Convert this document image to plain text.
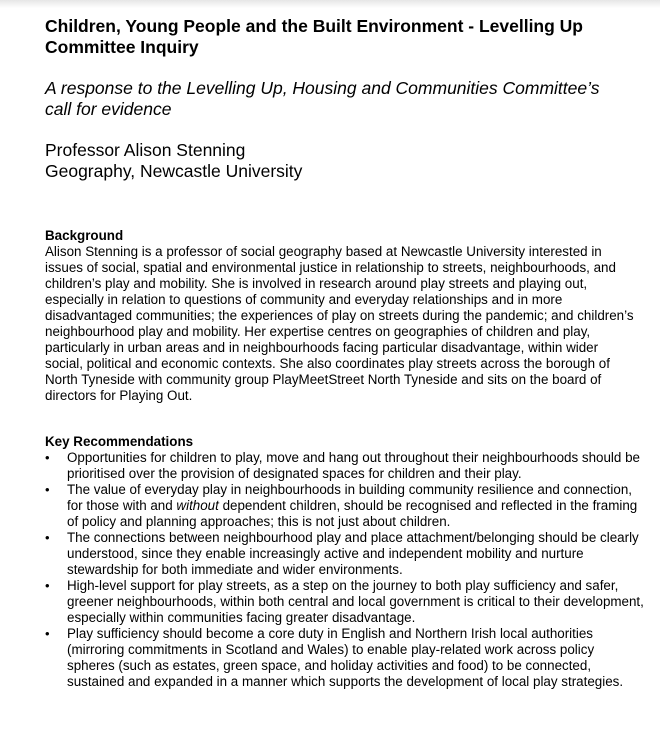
Children, Young People and the Built Environment - Levelling Up
Committee Inquiry

A response to the Levelling Up, Housing and Communities Committee’s
call for evidence

Professor Alison Stenning
Geography, Newcastle University

Background

Alison Stenning is a professor of social geography based at Newcastle University interested in issues of social, spatial and environmental justice in relationship to streets, neighbourhoods, and children’s play and mobility. She is involved in research around play streets and playing out, especially in relation to questions of community and everyday relationships and in more disadvantaged communities; the experiences of play on streets during the pandemic; and children’s neighbourhood play and mobility. Her expertise centres on geographies of children and play, particularly in urban areas and in neighbourhoods facing particular disadvantage, within wider social, political and economic contexts. She also coordinates play streets across the borough of North Tyneside with community group PlayMeetStreet North Tyneside and sits on the board of directors for Playing Out.

Key Recommendations
• Opportunities for children to play, move and hang out throughout their neighbourhoods should be prioritised over the provision of designated spaces for children and their play.
• The value of everyday play in neighbourhoods in building community resilience and connection, for those with and without dependent children, should be recognised and reflected in the framing of policy and planning approaches; this is not just about children.
• The connections between neighbourhood play and place attachment/belonging should be clearly understood, since they enable increasingly active and independent mobility and nurture stewardship for both immediate and wider environments.
• High-level support for play streets, as a step on the journey to both play sufficiency and safer, greener neighbourhoods, within both central and local government is critical to their development, especially within communities facing greater disadvantage.
• Play sufficiency should become a core duty in English and Northern Irish local authorities (mirroring commitments in Scotland and Wales) to enable play-related work across policy spheres (such as estates, green space, and holiday activities and food) to be connected, sustained and expanded in a manner which supports the development of local play strategies.
